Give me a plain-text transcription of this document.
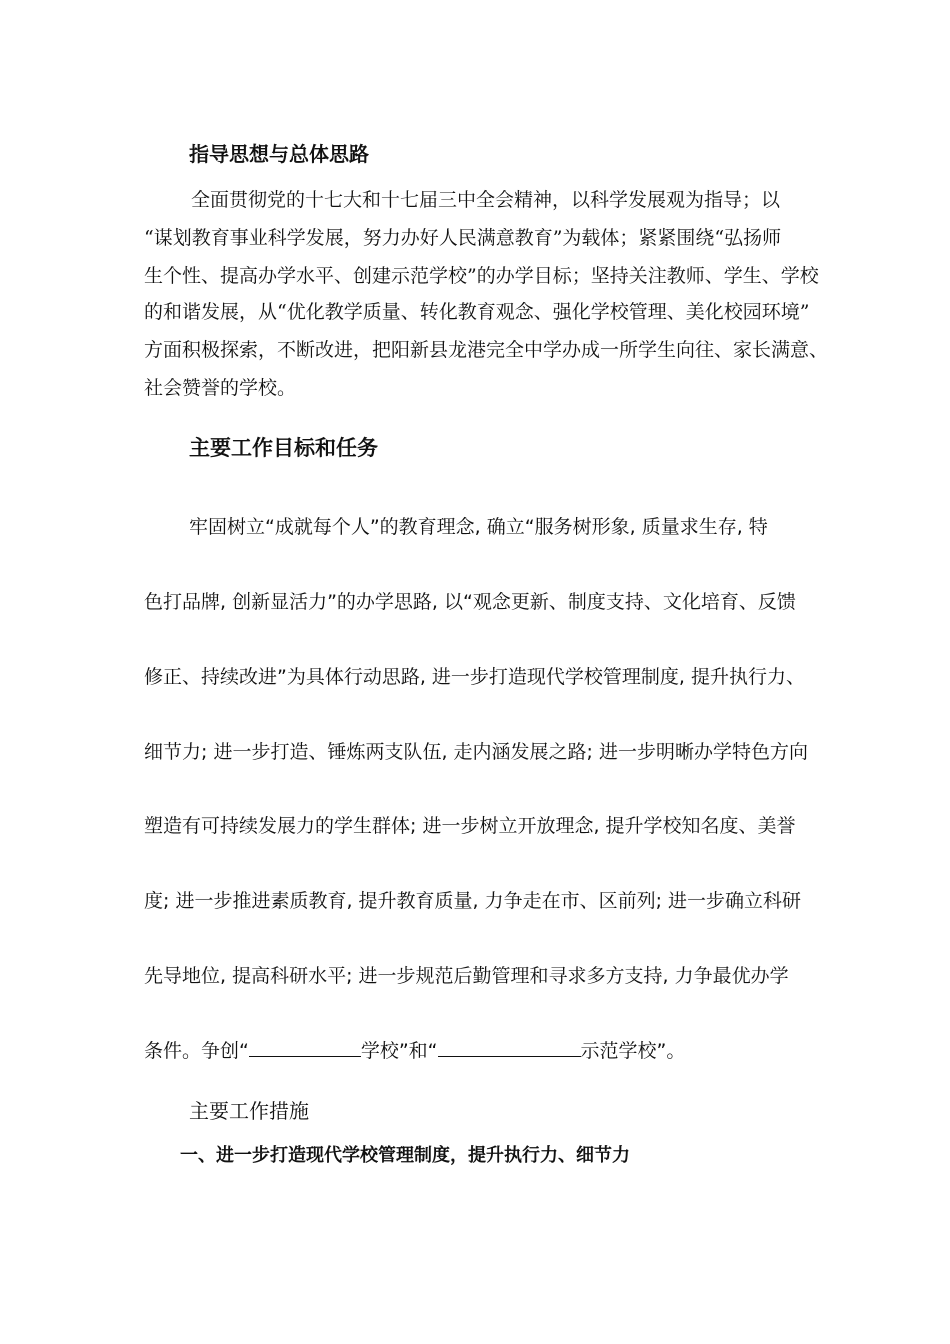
指导思想与总体思路
全面贯彻党的十七大和十七届三中全会精神，以科学发展观为指导；以
“谋划教育事业科学发展，努力办好人民满意教育”为载体；紧紧围绕“弘扬师
生个性、提高办学水平、创建示范学校”的办学目标；坚持关注教师、学生、学校
的和谐发展，从“优化教学质量、转化教育观念、强化学校管理、美化校园环境”
方面积极探索，不断改进，把阳新县龙港完全中学办成一所学生向往、家长满意、
社会赞誉的学校。
主要工作目标和任务
牢固树立“成就每个人”的教育理念, 确立“服务树形象, 质量求生存, 特
色打品牌, 创新显活力”的办学思路, 以“观念更新、制度支持、文化培育、反馈
修正、持续改进”为具体行动思路, 进一步打造现代学校管理制度, 提升执行力、
细节力; 进一步打造、锤炼两支队伍, 走内涵发展之路; 进一步明晰办学特色方向
塑造有可持续发展力的学生群体; 进一步树立开放理念, 提升学校知名度、美誉
度; 进一步推进素质教育, 提升教育质量, 力争走在市、区前列; 进一步确立科研
先导地位, 提高科研水平; 进一步规范后勤管理和寻求多方支持, 力争最优办学
条件。争创“	学校”和“	示范学校”。
主要工作措施
一、进一步打造现代学校管理制度，提升执行力、细节力
